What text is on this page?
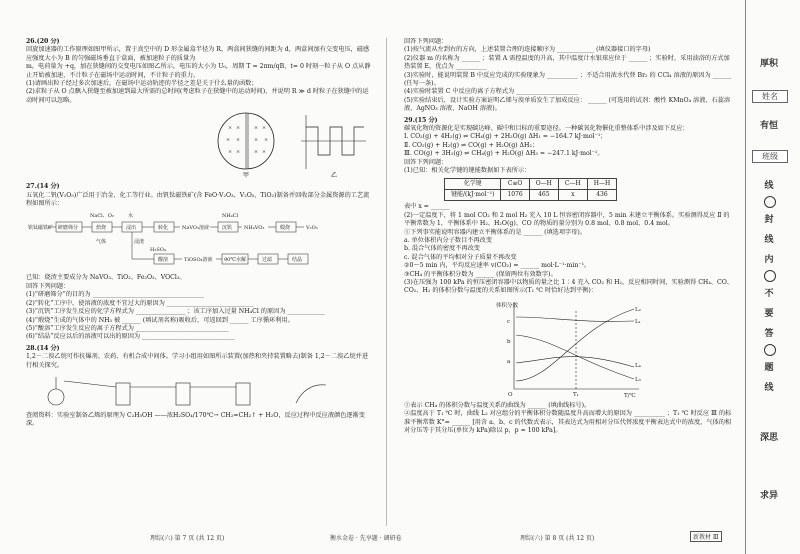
26.(20 分)

回旋加速器的工作原理如图甲所示，置于真空中的 D 形金属盒半径为 R，两盒间狭缝的间距为 d，两盒间加有交变电压，磁感应强度大小为 B 的匀强磁场垂直于盒面，被加速粒子的质量为

m，电荷量为 +q，加在狭缝间的交变电压如图乙所示，电压的大小为 U₀，周期 T = 2πm/qB，t= 0 时刻一粒子从 O 点从静止开始被加速，不计粒子在磁场中运动时间，不计粒子的重力。

(1)请画出粒子经过多次加速后，在磁场中运动轨迹的半径之差是关于什么量的函数；

(2)求粒子从 O 点飘入狭缝至被加速到最大所需的总时间(考虑粒子在狭缝中的运动时间)，并说明 R ≫ d 时粒子在狭缝中的运动时间可以忽略。

× ×	× ×
× ×	× ×
× ×	× ×
甲	乙

27.(14 分)

五氧化二钒(V₂O₅)广泛用于冶金、化工等行业。由钒钛磁铁矿(含 FeO·V₂O₃、V₂O₅、TiO₂)制备并回收部分金属资源的工艺流程如图所示：

钒钛磁铁矿 研磨筛分
NaCl、O₂
焙烧
气体
水
浸出	转化	NaVO₃溶液
NH₄Cl
沉钒 NH₄VO₃	煅烧	V₂O₅
浸渣
H₂SO₄
酸溶	TiOSO₄溶液 90℃水解	过滤	结晶

已知：烧渣主要成分为 NaVO₃、TiO₂、Fe₂O₃、VOCl₃。

回答下列问题：

(1)“研磨筛分”的目的为 ____________________________________

(2)“转化”工序中，使溶液的浓度不宜过大的原因为 ____________________________

(3)“沉钒”工序发生反应的化学方程式为 ________________ ；该工序加入过量 NH₄Cl 的原因为 ____________

(4)“煅烧”生成的气体中的 NH₃ 被 ______ (填试剂名称)吸收后，可返回到 ______ 工序循环利用。

(5)“酸溶”工序发生反应的离子方程式为 ______________________________

(6)“结晶”反应以后的溶液可以出的原因为 ______________________________

28.(14 分)

1,2－二溴乙烷可作抗爆剂、农药、有机合成中间体。学习小组用如图所示装置(加热和夹持装置略去)制备 1,2－二溴乙烷并进行相关探究。

查阅资料：实验室制备乙烯的原理为 C₂H₅OH ——浓H₂SO₄/170℃→ CH₂=CH₂↑ + H₂O，反应过程中反应液颜色逐渐变深。

回答下列问题：

(1)按气流从左到右的方向，上述装置合理的连接顺序为 ____________ (填仪器接口的字母)

(2)仪器 m 的名称为 ______ ；装置 A 需控温度的升高，其中温度计水银球应位于 ______ ；实验时，采用油浴的方式加热装置 E，优点为 __________

(3)实验时，能说明装置 B 中反应完成的实验现象为 __________ ；不适合用浓水代替 Br₂ 的 CCl₄ 溶液的原因为 ______ (任写一条)。

(4)实验时装置 C 中反应的离子方程式为 ____________________

(5)实验结束后，设计实验方案证明乙烯与溴单质发生了加成反应： ______ (可选用的试剂：酸性 KMnO₄ 溶液、石蕊溶液、AgNO₃ 溶液、NaOH 溶液)。

29.(15 分)

碳氧化物的资源化是实现碳达峰、碳中和目标的重要途径。一种碳氧化物催化重整体系中涉及如下反应：

Ⅰ. CO₂(g) + 4H₂(g) ⇌ CH₄(g) + 2H₂O(g) ΔH₁ = −164.7 kJ·mol⁻¹；

Ⅱ. CO₂(g) + H₂(g) ⇌ CO(g) + H₂O(g) ΔH₂；

Ⅲ. CO(g) + 3H₂(g) ⇌ CH₄(g) + H₂O(g) ΔH₃ = −247.1 kJ·mol⁻¹。

回答下列问题：

(1)已知：相关化学键的键能数据如下表所示：

化学键	C≡O	O—H	C—H	H—H
键能/(kJ·mol⁻¹)	1076	465	x	436

表中 x = ______

(2)一定温度下，将 1 mol CO₂ 和 2 mol H₂ 充入 10 L 恒容密闭容器中，5 min 末建立平衡体系。实验测得反应 Ⅱ 的平衡常数为 1，平衡体系中 H₂、H₂O(g)、CO 的物质的量分别为 0.8 mol、0.8 mol、0.4 mol。

①下列事实能说明容器内建立平衡体系的是 ______ (填选项字母)。

a. 单位体积内分子数目不再改变

b. 混合气体的密度不再改变

c. 混合气体的平均相对分子质量不再改变

②0～5 min 内，平均反应速率 v(CO₂) = ______ mol·L⁻¹·min⁻¹。

③CH₄ 的平衡体积分数为 ______ (保留两位有效数字)。

(3)在压强为 100 kPa 的恒压密闭容器中以物质的量之比 1∶4 充入 CO₂ 和 H₂，反应相同时间，实验测得 CH₄、CO、CO₂、H₂ 的体积分数与温度的关系如图所示(T₁ ℃ 时恰好达到平衡)：

体积分数
T/℃
c
b
a
O	T₁
L₁
L₂
L₃
L₄

①表示 CH₄ 的体积分数与温度关系的曲线为 ______ (填曲线标号)。

②温度高于 T₁ ℃ 时，曲线 L₂ 对应组分的平衡体积分数随温度升高而增大的原因为 __________ ；T₁ ℃ 时反应 Ⅲ 的标准平衡常数 K°= ______ [用含 a、b、c 的代数式表示，其表达式为用相对分压代替浓度平衡表达式中的浓度，气体的相对分压等于其分压(单位为 kPa)除以 p，p = 100 kPa]。

理综(六) 第 7 页 (共 12 页)	衡水金卷 · 先享题 · 调研卷	理综(六) 第 8 页 (共 12 页)	新教材 Ⅲ
厚积
姓名
有恒
班级
线
封
线
内
不
要
答
题
线
深思
求异
